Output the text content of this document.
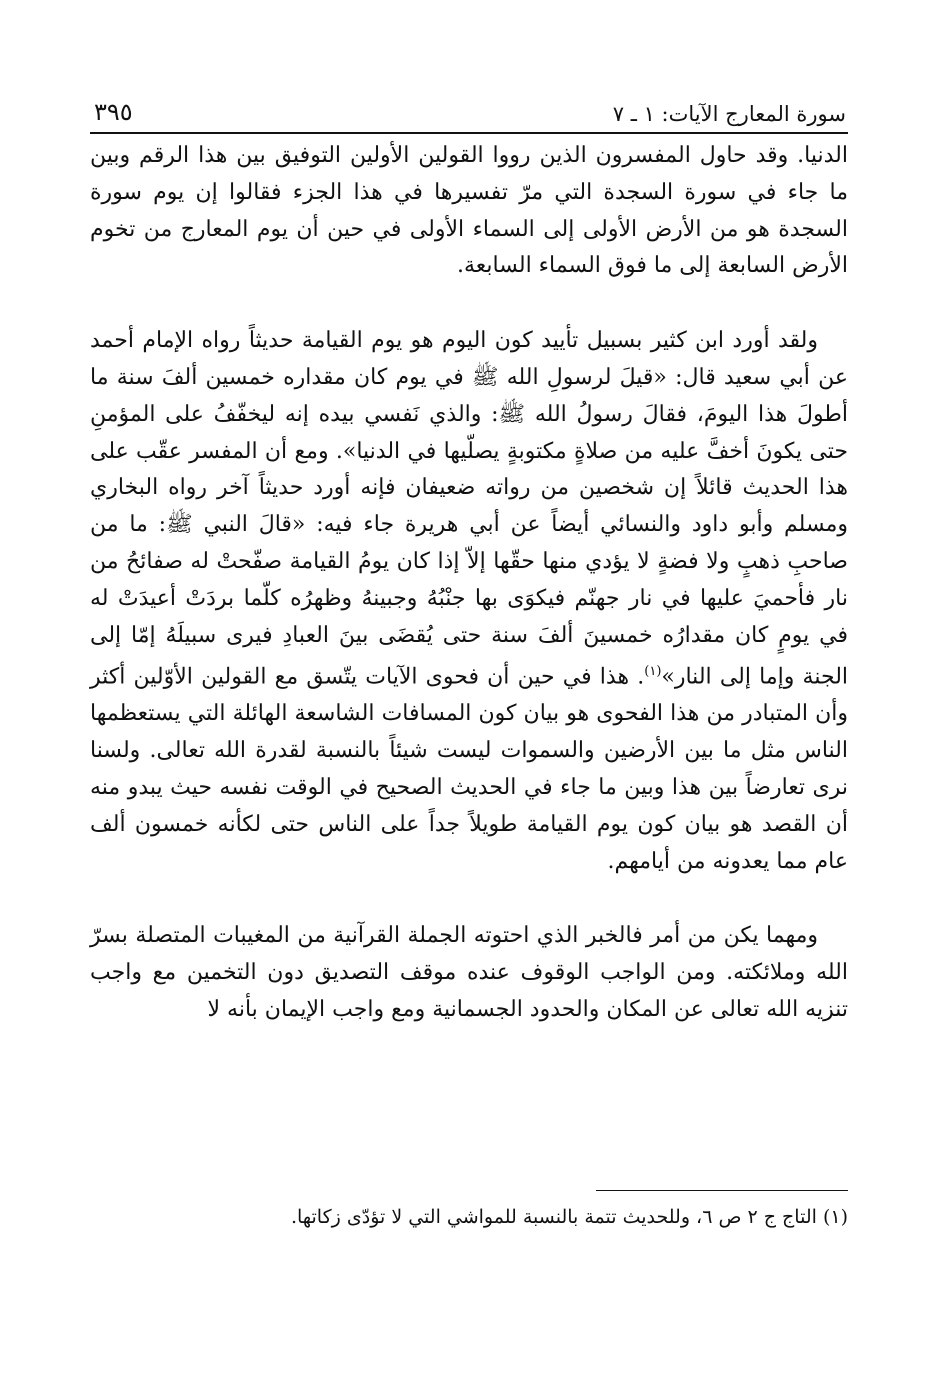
سورة المعارج الآيات: ١ ـ ٧
٣٩٥

الدنيا. وقد حاول المفسرون الذين رووا القولين الأولين التوفيق بين هذا الرقم وبين ما جاء في سورة السجدة التي مرّ تفسيرها في هذا الجزء فقالوا إن يوم سورة السجدة هو من الأرض الأولى إلى السماء الأولى في حين أن يوم المعارج من تخوم الأرض السابعة إلى ما فوق السماء السابعة.

ولقد أورد ابن كثير بسبيل تأييد كون اليوم هو يوم القيامة حديثاً رواه الإمام أحمد عن أبي سعيد قال: «قيلَ لرسولِ الله ﷺ في يوم كان مقداره خمسين ألفَ سنة ما أطولَ هذا اليومَ، فقالَ رسولُ الله ﷺ: والذي نَفسي بيده إنه ليخفّفُ على المؤمنِ حتى يكونَ أخفَّ عليه من صلاةٍ مكتوبةٍ يصلّيها في الدنيا». ومع أن المفسر عقّب على هذا الحديث قائلاً إن شخصين من رواته ضعيفان فإنه أورد حديثاً آخر رواه البخاري ومسلم وأبو داود والنسائي أيضاً عن أبي هريرة جاء فيه: «قالَ النبي ﷺ: ما من صاحبِ ذهبٍ ولا فضةٍ لا يؤدي منها حقّها إلاّ إذا كان يومُ القيامة صفّحتْ له صفائحُ من نار فأحميَ عليها في نار جهنّم فيكوَى بها جنْبُهُ وجبينهُ وظهرُه كلّما بردَتْ أعيدَتْ له في يومٍ كان مقدارُه خمسينَ ألفَ سنة حتى يُقضَى بينَ العبادِ فيرى سبيلَهُ إمّا إلى الجنة وإما إلى النار»$^{(١)}$. هذا في حين أن فحوى الآيات يتّسق مع القولين الأوّلين أكثر وأن المتبادر من هذا الفحوى هو بيان كون المسافات الشاسعة الهائلة التي يستعظمها الناس مثل ما بين الأرضين والسموات ليست شيئاً بالنسبة لقدرة الله تعالى. ولسنا نرى تعارضاً بين هذا وبين ما جاء في الحديث الصحيح في الوقت نفسه حيث يبدو منه أن القصد هو بيان كون يوم القيامة طويلاً جداً على الناس حتى لكأنه خمسون ألف عام مما يعدونه من أيامهم.

ومهما يكن من أمر فالخبر الذي احتوته الجملة القرآنية من المغيبات المتصلة بسرّ الله وملائكته. ومن الواجب الوقوف عنده موقف التصديق دون التخمين مع واجب تنزيه الله تعالى عن المكان والحدود الجسمانية ومع واجب الإيمان بأنه لا

(١) التاج ج ٢ ص ٦، وللحديث تتمة بالنسبة للمواشي التي لا تؤدّى زكاتها.
